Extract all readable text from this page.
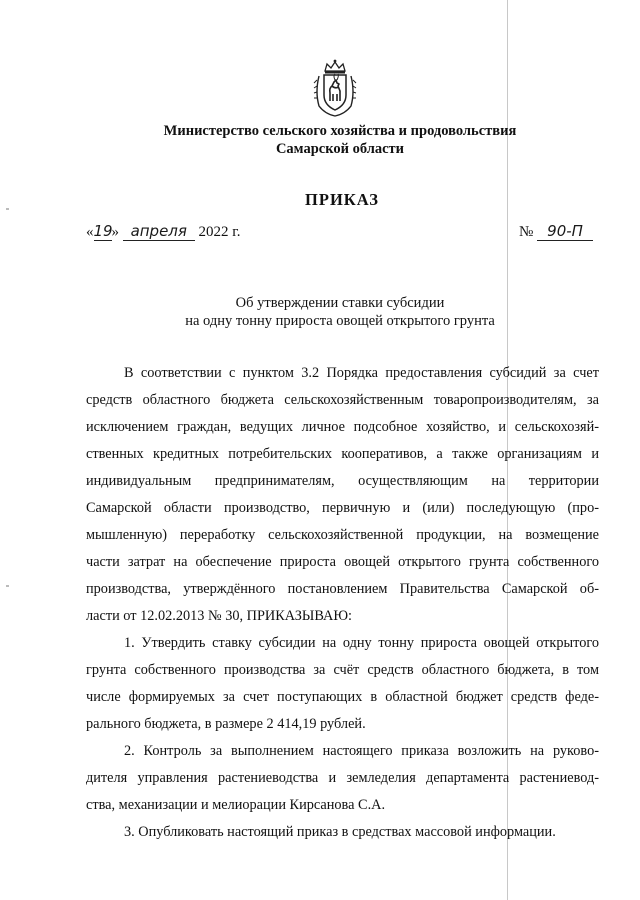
Министерство сельского хозяйства и продовольствия
Самарской области
ПРИКАЗ
«19» апреля 2022 г.	№ 90-П
Об утверждении ставки субсидии
на одну тонну прироста овощей открытого грунта
В соответствии с пунктом 3.2 Порядка предоставления субсидий за счет
средств областного бюджета сельскохозяйственным товаропроизводителям, за
исключением граждан, ведущих личное подсобное хозяйство, и сельскохозяй-
ственных кредитных потребительских кооперативов, а также организациям и
индивидуальным предпринимателям, осуществляющим на территории
Самарской области производство, первичную и (или) последующую (про-
мышленную) переработку сельскохозяйственной продукции, на возмещение
части затрат на обеспечение прироста овощей открытого грунта собственного
производства, утверждённого постановлением Правительства Самарской об-
ласти от 12.02.2013 № 30, ПРИКАЗЫВАЮ:
1. Утвердить ставку субсидии на одну тонну прироста овощей открытого
грунта собственного производства за счёт средств областного бюджета, в том
числе формируемых за счет поступающих в областной бюджет средств феде-
рального бюджета, в размере 2 414,19 рублей.
2. Контроль за выполнением настоящего приказа возложить на руково-
дителя управления растениеводства и земледелия департамента растениевод-
ства, механизации и мелиорации Кирсанова С.А.
3. Опубликовать настоящий приказ в средствах массовой информации.
